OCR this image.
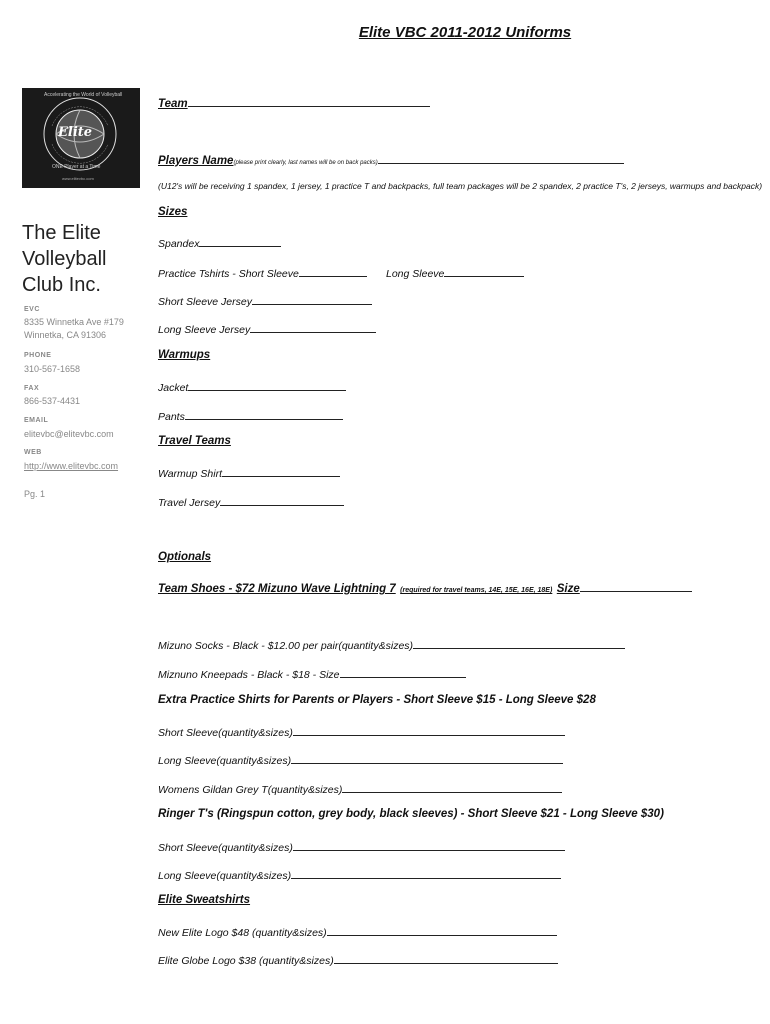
Elite VBC 2011-2012 Uniforms
Elite
Accelerating the World of Volleyball
ONE Player at a Time
www.elitevbc.com
The Elite Volleyball Club Inc.
EVC
8335 Winnetka Ave #179
Winnetka, CA 91306
PHONE
310-567-1658
FAX
866-537-4431
EMAIL
elitevbc@elitevbc.com
WEB
http://www.elitevbc.com
Pg. 1
Team
Players Name(please print clearly, last names will be on back packs)
(U12's will be receiving 1 spandex, 1 jersey, 1 practice T and backpacks, full team packages will be 2 spandex, 2 practice T's, 2 jerseys, warmups and backpack)
Sizes
Spandex
Practice Tshirts - Short Sleeve	Long Sleeve
Short Sleeve Jersey
Long Sleeve Jersey
Warmups
Jacket
Pants
Travel Teams
Warmup Shirt
Travel Jersey
Optionals
Team Shoes - $72 Mizuno Wave Lightning 7 (required for travel teams, 14E, 15E, 16E, 18E) Size
Mizuno Socks - Black - $12.00 per pair(quantity&sizes)
Miznuno Kneepads - Black - $18 - Size
Extra Practice Shirts for Parents or Players - Short Sleeve $15 - Long Sleeve $28
Short Sleeve(quantity&sizes)
Long Sleeve(quantity&sizes)
Womens Gildan Grey T(quantity&sizes)
Ringer T's (Ringspun cotton, grey body, black sleeves) - Short Sleeve $21 - Long Sleeve $30)
Short Sleeve(quantity&sizes)
Long Sleeve(quantity&sizes)
Elite Sweatshirts
New Elite Logo $48 (quantity&sizes)
Elite Globe Logo $38 (quantity&sizes)
